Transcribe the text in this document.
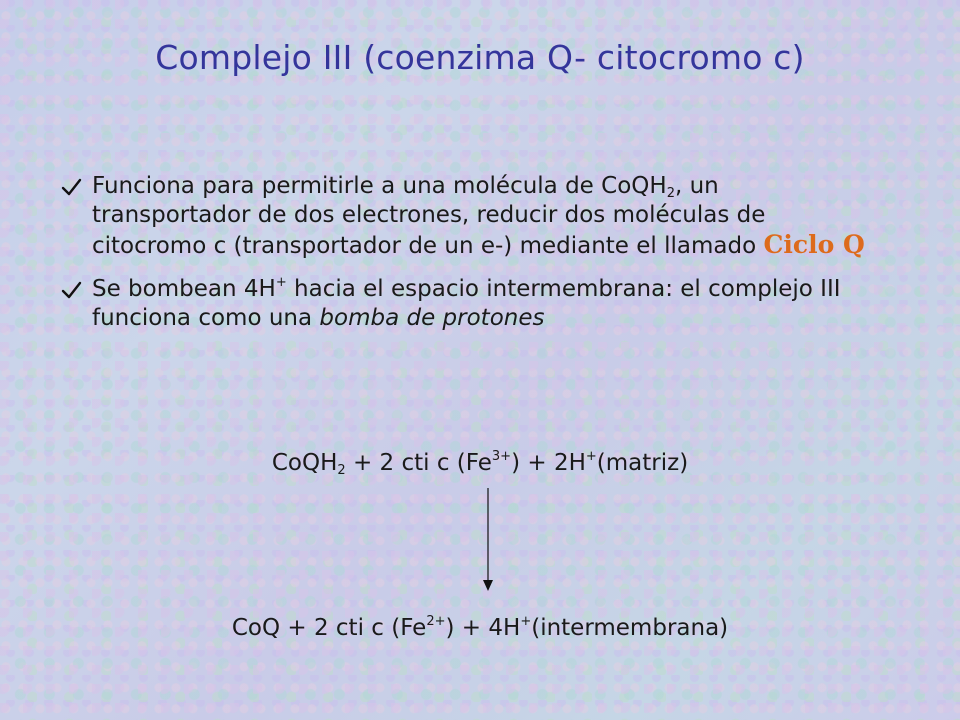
Complejo III (coenzima Q- citocromo c)
Funciona para permitirle a una molécula de CoQH$_2$, un transportador de dos electrones, reducir dos moléculas de citocromo c (transportador de un e-) mediante el llamado Ciclo Q
Se bombean 4H+ hacia el espacio intermembrana: el complejo III funciona como una bomba de protones
CoQH$_2$ + 2 cti c $(Fe^{3+})$ + 2H+(matriz)
CoQ + 2 cti c $(Fe^{2+})$ + 4H+(intermembrana)
